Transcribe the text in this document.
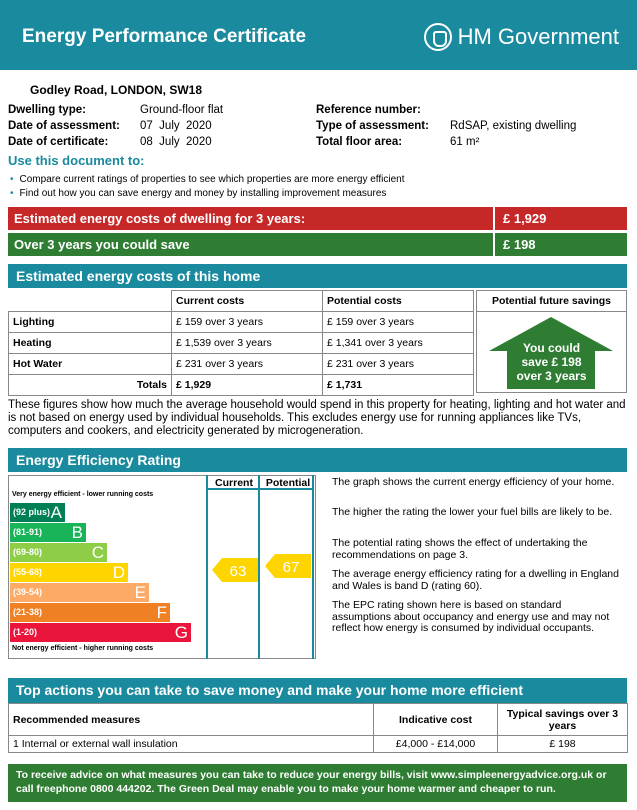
Energy Performance Certificate	HM Government
Godley Road, LONDON, SW18
Dwelling type:	Ground-floor flat
Date of assessment: 07  July  2020
Date of certificate:	08  July  2020
Reference number:
Type of assessment: RdSAP, existing dwelling
Total floor area:	61 m²
Use this document to:
• Compare current ratings of properties to see which properties are more energy efficient
• Find out how you can save energy and money by installing improvement measures
Estimated energy costs of dwelling for 3 years:	£ 1,929
Over 3 years you could save	£ 198
Estimated energy costs of this home
	Current costs	Potential costs
Lighting	£ 159 over 3 years	£ 159 over 3 years
Heating	£ 1,539 over 3 years	£ 1,341 over 3 years
Hot Water	£ 231 over 3 years	£ 231 over 3 years
Totals	£ 1,929	£ 1,731
Potential future savings
You could
save £ 198
over 3 years
These figures show how much the average household would spend in this property for heating, lighting and hot water and is not based on energy used by individual households. This excludes energy use for running appliances like TVs, computers and cookers, and electricity generated by microgeneration.
Energy Efficiency Rating
Current	Potential
Very energy efficient - lower running costs
(92 plus) A
(81-91) B
(69-80)	C
(55-68)	D
(39-54)	E
(21-38)	F
(1-20)	G
Not energy efficient - higher running costs
63 67
The graph shows the current energy efficiency of your home.
The higher the rating the lower your fuel bills are likely to be.
The potential rating shows the effect of undertaking the recommendations on page 3.
The average energy efficiency rating for a dwelling in England and Wales is band D (rating 60).
The EPC rating shown here is based on standard assumptions about occupancy and energy use and may not reflect how energy is consumed by individual occupants.
Top actions you can take to save money and make your home more efficient
Recommended measures	Indicative cost	Typical savings over 3 years
1 Internal or external wall insulation	£4,000 - £14,000	£ 198
To receive advice on what measures you can take to reduce your energy bills, visit www.simpleenergyadvice.org.uk or call freephone 0800 444202. The Green Deal may enable you to make your home warmer and cheaper to run.
